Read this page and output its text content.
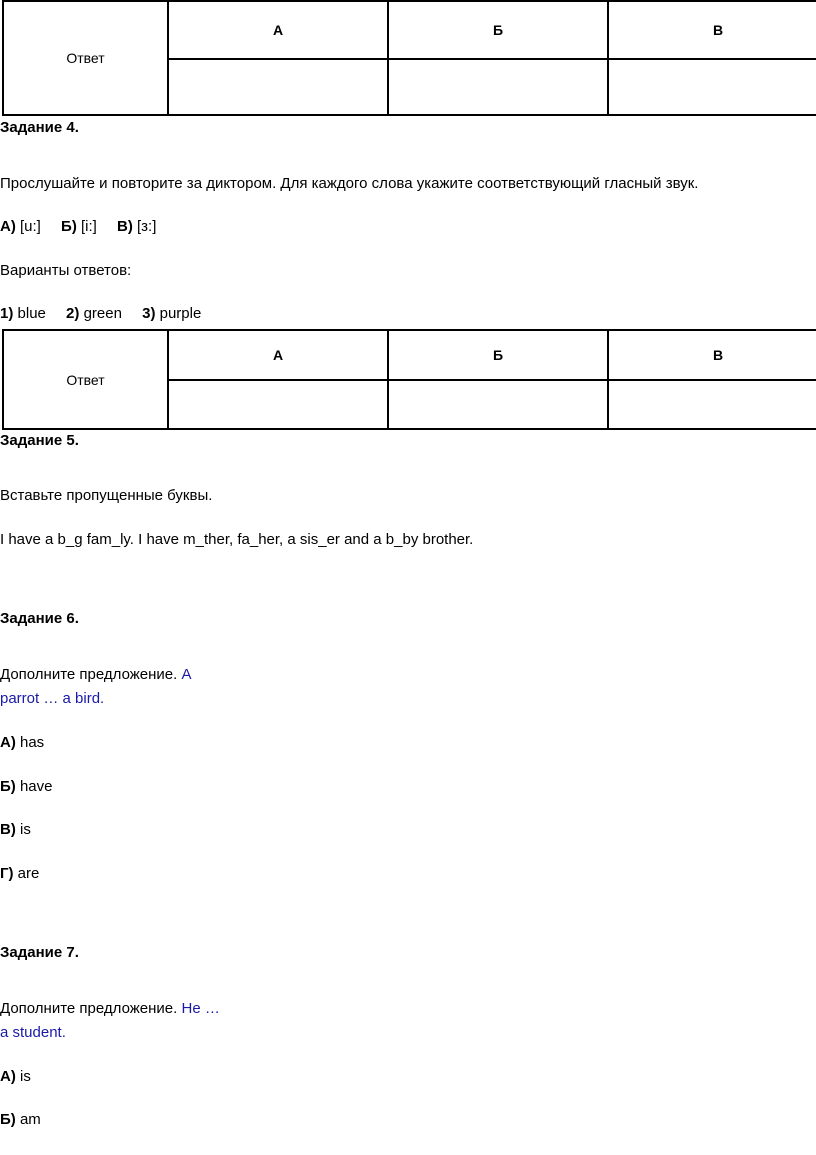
Ответ	А	Б	В

Задание 4.
Прослушайте и повторите за диктором. Для каждого слова укажите соответствующий гласный звук.
А) [u:] Б) [i:] В) [з:]
Варианты ответов:
1) blue 2) green 3) purple
Ответ	А	Б	В

Задание 5.
Вставьте пропущенные буквы.
I have a b_g fam_ly. I have m_ther, fa_her, a sis_er and a b_by brother.
Задание 6.
Дополните предложение. A
parrot … a bird.
А) has
Б) have
В) is
Г) are
Задание 7.
Дополните предложение. He …
a student.
А) is
Б) am
